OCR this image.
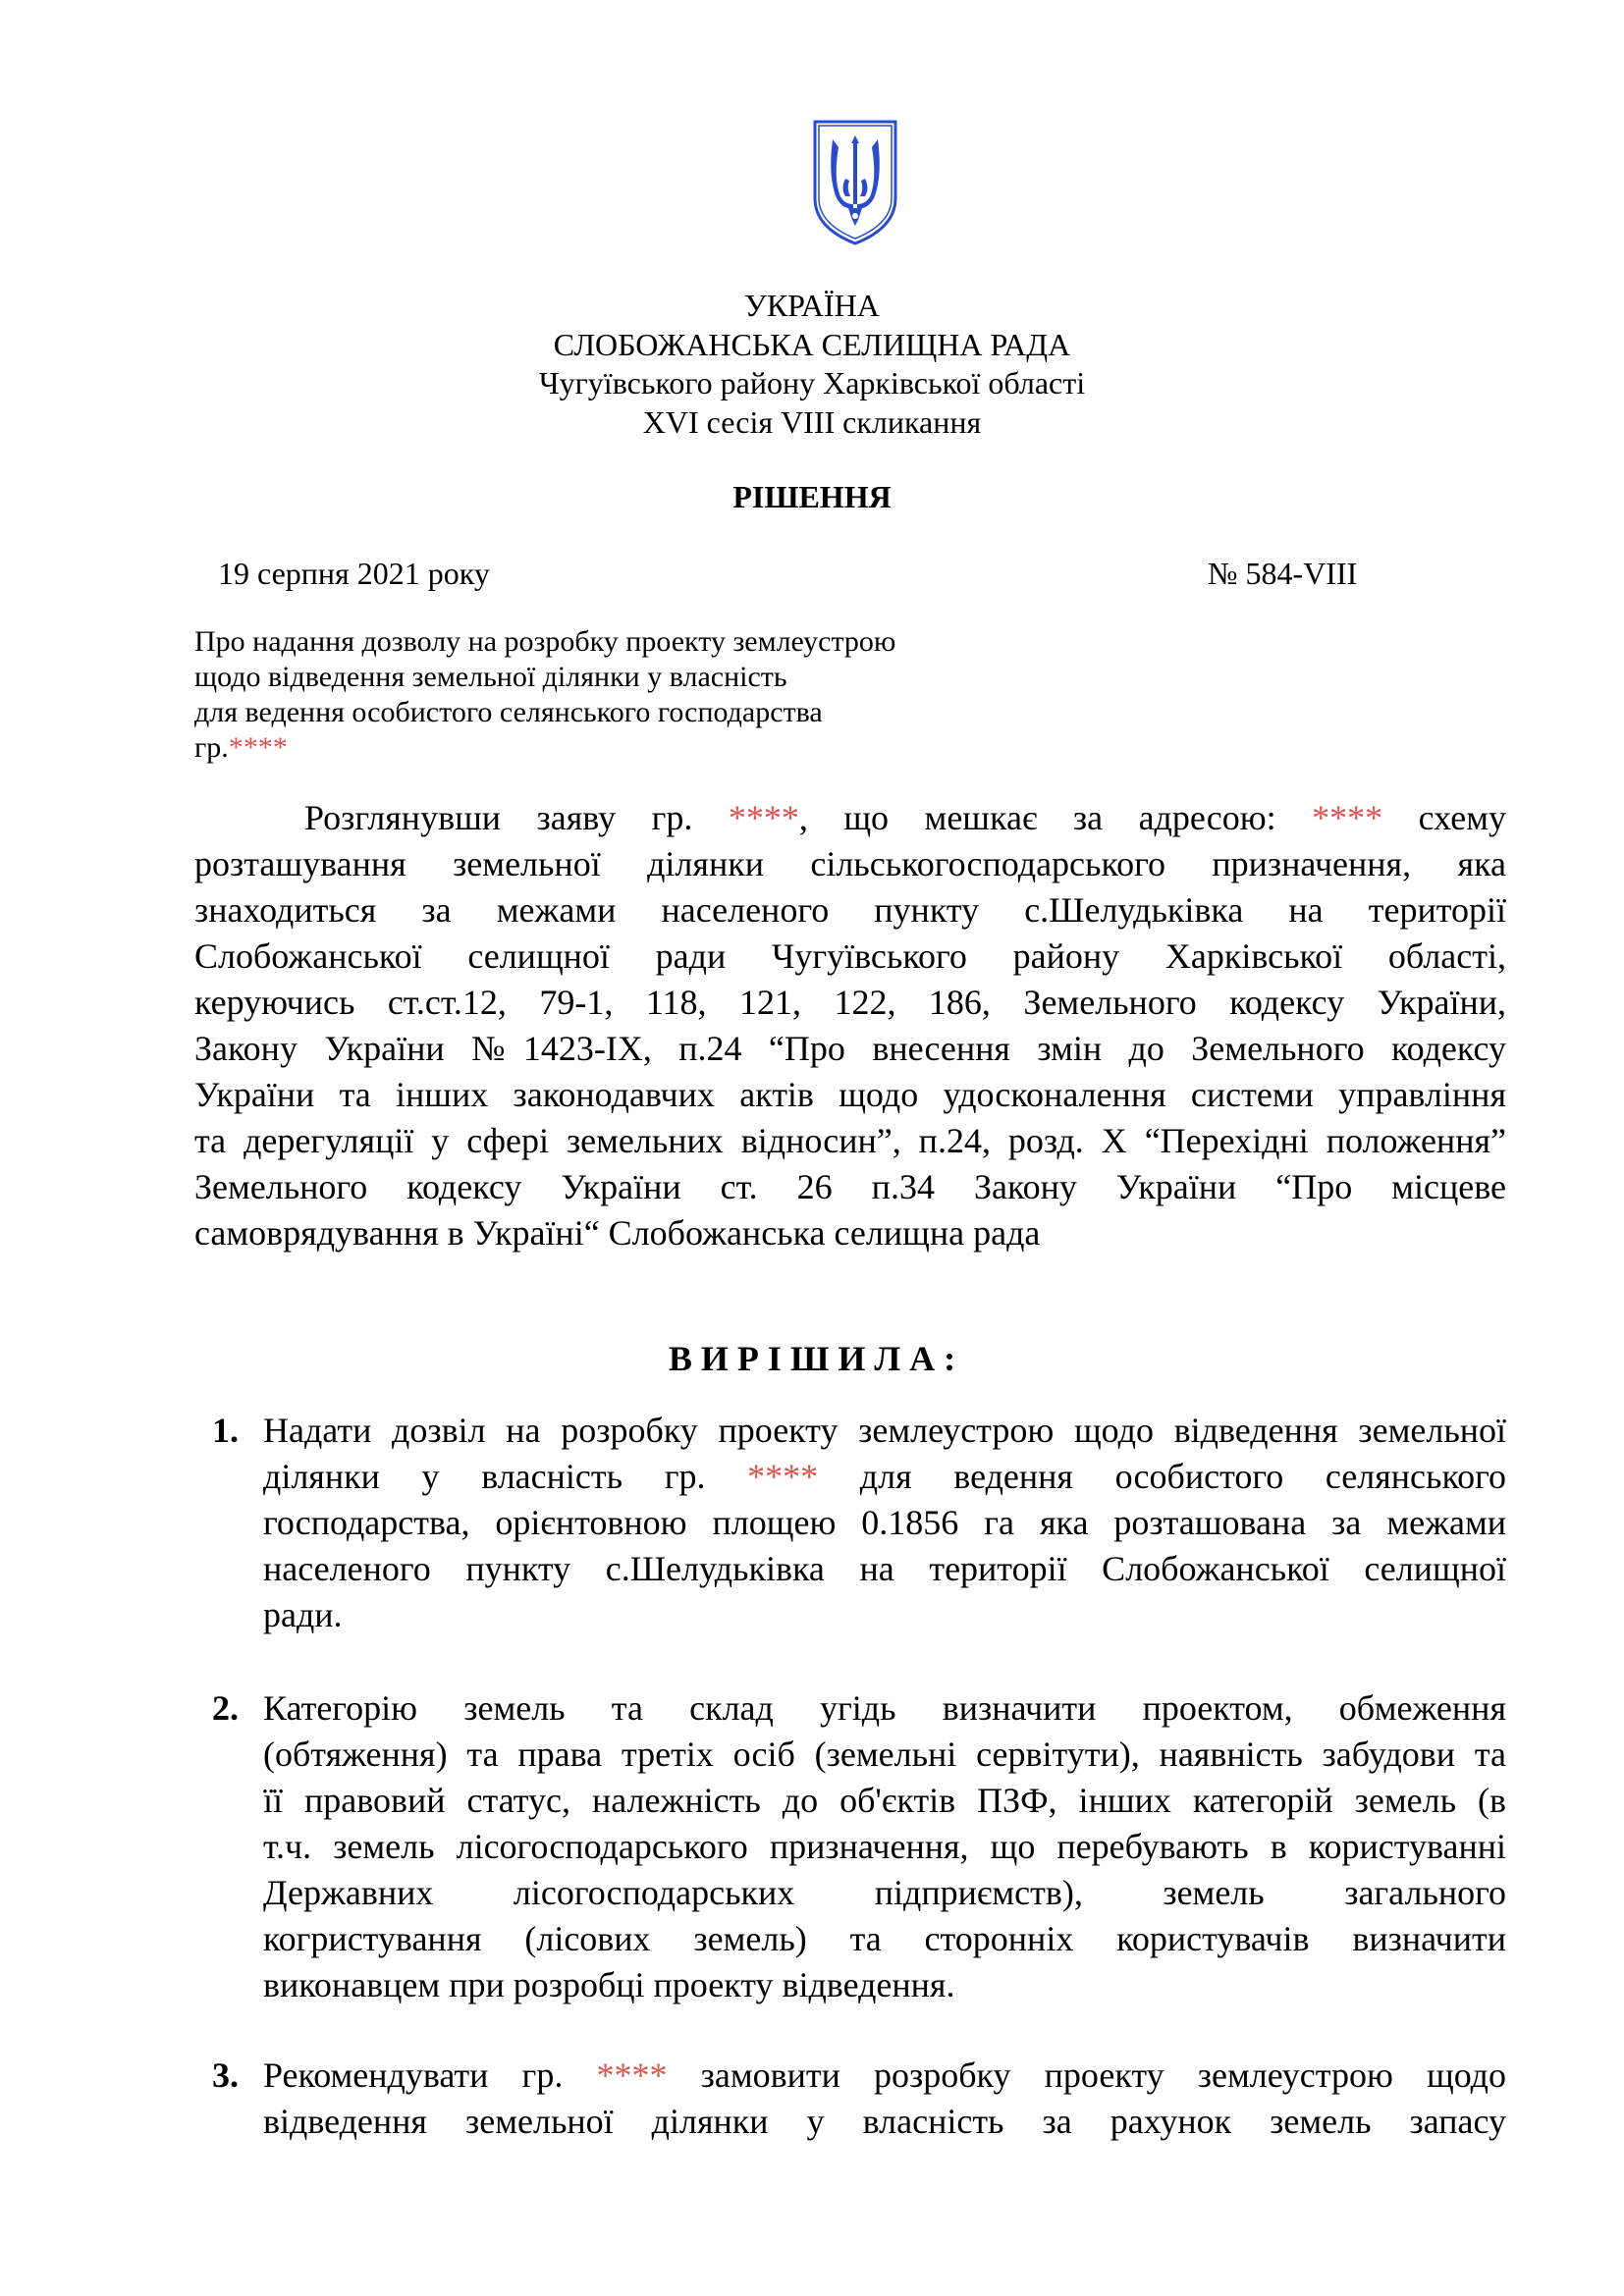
УКРАЇНА
СЛОБОЖАНСЬКА СЕЛИЩНА РАДА
Чугуївського району Харківської області
XVI сесія VIII скликання
РІШЕННЯ
19 серпня 2021 року	№ 584-VIII
Про надання дозволу на розробку проекту землеустрою
щодо відведення земельної ділянки у власність
для ведення особистого селянського господарства
гр.****
Розглянувши заяву гр. ****, що мешкає за адресою: **** схему
розташування земельної ділянки сільськогосподарського призначення, яка
знаходиться за межами населеного пункту с.Шелудьківка на території
Слобожанської селищної ради Чугуївського району Харківської області,
керуючись ст.ст.12, 79-1, 118, 121, 122, 186, Земельного кодексу України,
Закону України №1423-IX, п.24 “Про внесення змін до Земельного кодексу
України та інших законодавчих актів щодо удосконалення системи управління
та дерегуляції у сфері земельних відносин”, п.24, розд. Х “Перехідні положення”
Земельного кодексу України ст. 26 п.34 Закону України “Про місцеве
самоврядування в Україні“ Слобожанська селищна рада
В И Р І Ш И Л А :
1. Надати дозвіл на розробку проекту землеустрою щодо відведення земельної
ділянки у власність гр. **** для ведення особистого селянського
господарства, орієнтовною площею 0.1856 га яка розташована за межами
населеного пункту с.Шелудьківка на території Слобожанської селищної
ради.
2. Категорію земель та склад угідь визначити проектом, обмеження
(обтяження) та права третіх осіб (земельні сервітути), наявність забудови та
її правовий статус, належність до об'єктів ПЗФ, інших категорій земель (в
т.ч. земель лісогосподарського призначення, що перебувають в користуванні
Державних лісогосподарських підприємств), земель загального
когристування (лісових земель) та сторонніх користувачів визначити
виконавцем при розробці проекту відведення.
3. Рекомендувати гр. **** замовити розробку проекту землеустрою щодо
відведення земельної ділянки у власність за рахунок земель запасу
